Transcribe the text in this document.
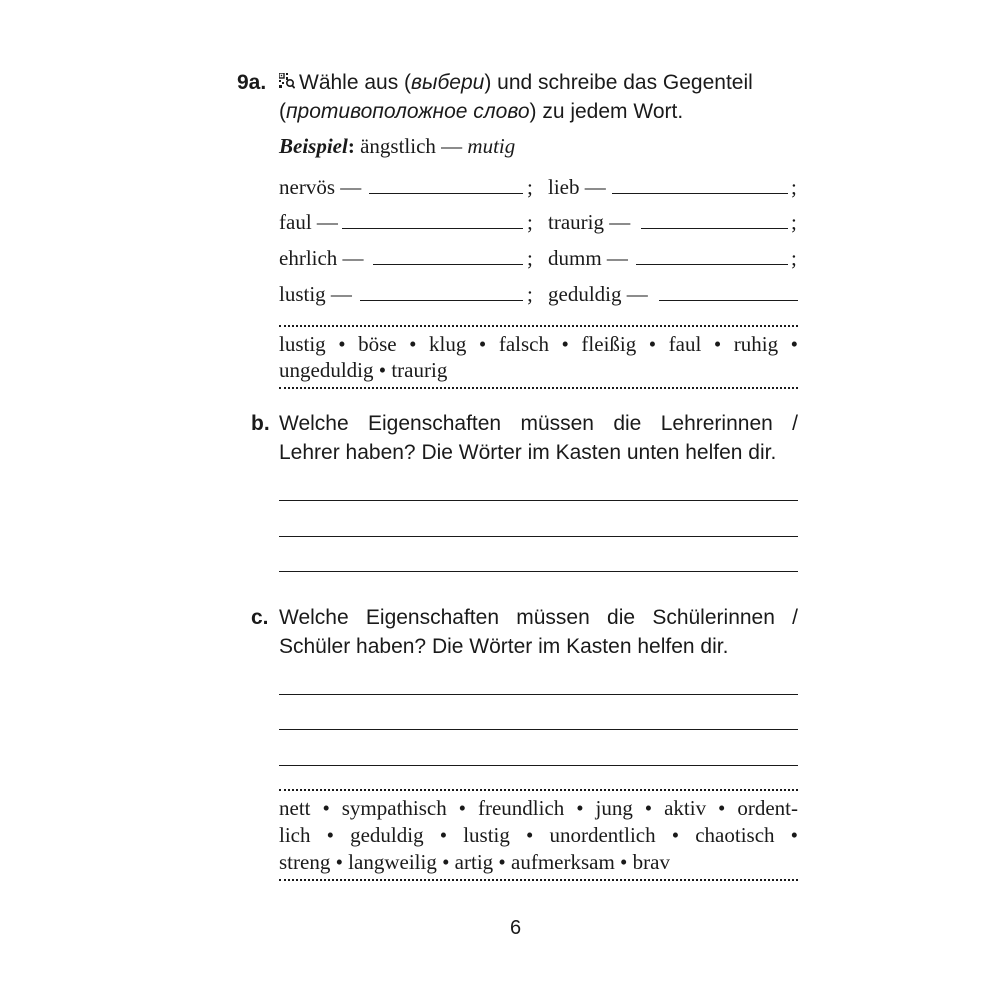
9a.	Wähle aus (выбери) und schreibe das Gegenteil
(противоположное слово) zu jedem Wort.
Beispiel: ängstlich — mutig
nervös —	; lieb —	;
faul —	; traurig —	;
ehrlich —	; dumm —	;
lustig —	; geduldig —
lustig • böse • klug • falsch • fleißig • faul • ruhig • ungeduldig • traurig
b. Welche Eigenschaften müssen die Lehrerinnen /
Lehrer haben? Die Wörter im Kasten unten helfen dir.
c. Welche Eigenschaften müssen die Schülerinnen /
Schüler haben? Die Wörter im Kasten helfen dir.
nett • sympathisch • freundlich • jung • aktiv • ordent-
lich • geduldig • lustig • unordentlich • chaotisch •
streng • langweilig • artig • aufmerksam • brav
6
